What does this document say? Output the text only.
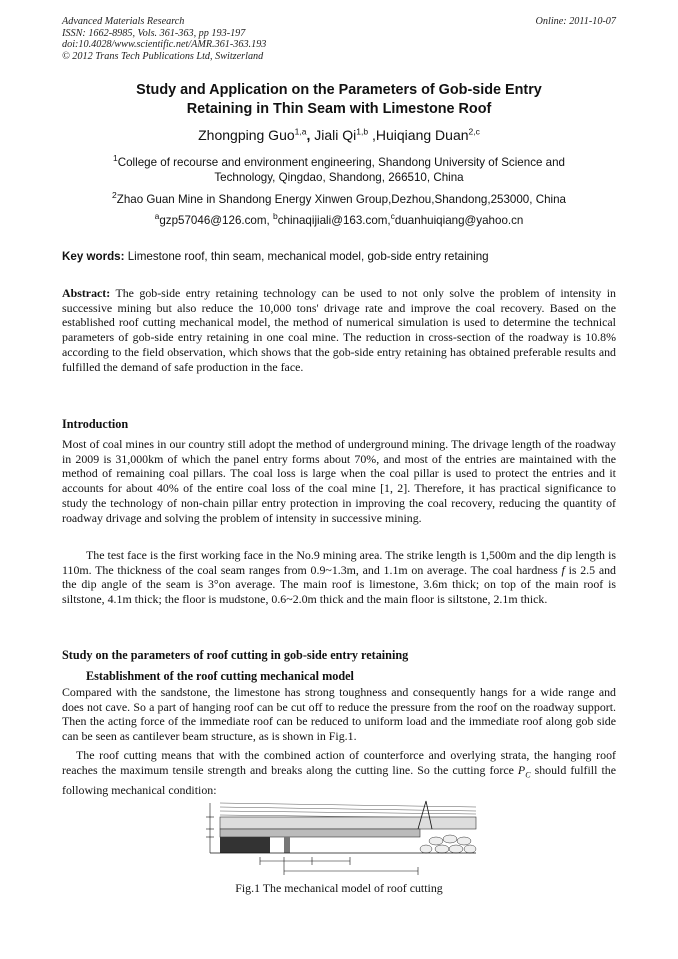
Advanced Materials Research
ISSN: 1662-8985, Vols. 361-363, pp 193-197
doi:10.4028/www.scientific.net/AMR.361-363.193
© 2012 Trans Tech Publications Ltd, Switzerland
Online: 2011-10-07
Study and Application on the Parameters of Gob-side Entry
Retaining in Thin Seam with Limestone Roof
Zhongping Guo$^{1,a}$, Jiali Qi$^{1,b}$ ,Huiqiang Duan$^{2,c}$
$^1$College of recourse and environment engineering, Shandong University of Science and
Technology, Qingdao, Shandong, 266510, China
$^2$Zhao Guan Mine in Shandong Energy Xinwen Group,Dezhou,Shandong,253000, China
$^a$gzp57046@126.com, $^b$chinaqijiali@163.com,$^c$duanhuiqiang@yahoo.cn
Key words: Limestone roof, thin seam, mechanical model, gob-side entry retaining
Abstract: The gob-side entry retaining technology can be used to not only solve the problem of intensity in successive mining but also reduce the 10,000 tons' drivage rate and improve the coal recovery. Based on the established roof cutting mechanical model, the method of numerical simulation is used to determine the technical parameters of gob-side entry retaining in one coal mine. The reduction in cross-section of the roadway is 10.8% according to the field observation, which shows that the gob-side entry retaining has obtained preferable results and fulfilled the demand of safe production in the face.
Introduction
Most of coal mines in our country still adopt the method of underground mining. The drivage length of the roadway in 2009 is 31,000km of which the panel entry forms about 70%, and most of the entries are maintained with the method of remaining coal pillars. The coal loss is large when the coal pillar is used to protect the entries and it accounts for about 40% of the entire coal loss of the coal mine [1, 2]. Therefore, it has practical significance to study the technology of non-chain pillar entry protection in improving the coal recovery, reducing the quantity of roadway drivage and solving the problem of intensity in successive mining.
The test face is the first working face in the No.9 mining area. The strike length is 1,500m and the dip length is 110m. The thickness of the coal seam ranges from 0.9~1.3m, and 1.1m on average. The coal hardness f is 2.5 and the dip angle of the seam is 3°on average. The main roof is limestone, 3.6m thick; on top of the main roof is siltstone, 4.1m thick; the floor is mudstone, 0.6~2.0m thick and the main floor is siltstone, 2.1m thick.
Study on the parameters of roof cutting in gob-side entry retaining
Establishment of the roof cutting mechanical model
Compared with the sandstone, the limestone has strong toughness and consequently hangs for a wide range and does not cave. So a part of hanging roof can be cut off to reduce the pressure from the roof on the roadway support. Then the acting force of the immediate roof can be reduced to uniform load and the immediate roof along gob side can be seen as cantilever beam structure, as is shown in Fig.1.
The roof cutting means that with the combined action of counterforce and overlying strata, the hanging roof reaches the maximum tensile strength and breaks along the cutting line. So the cutting force $P_C$ should fulfill the following mechanical condition:
Fig.1 The mechanical model of roof cutting
